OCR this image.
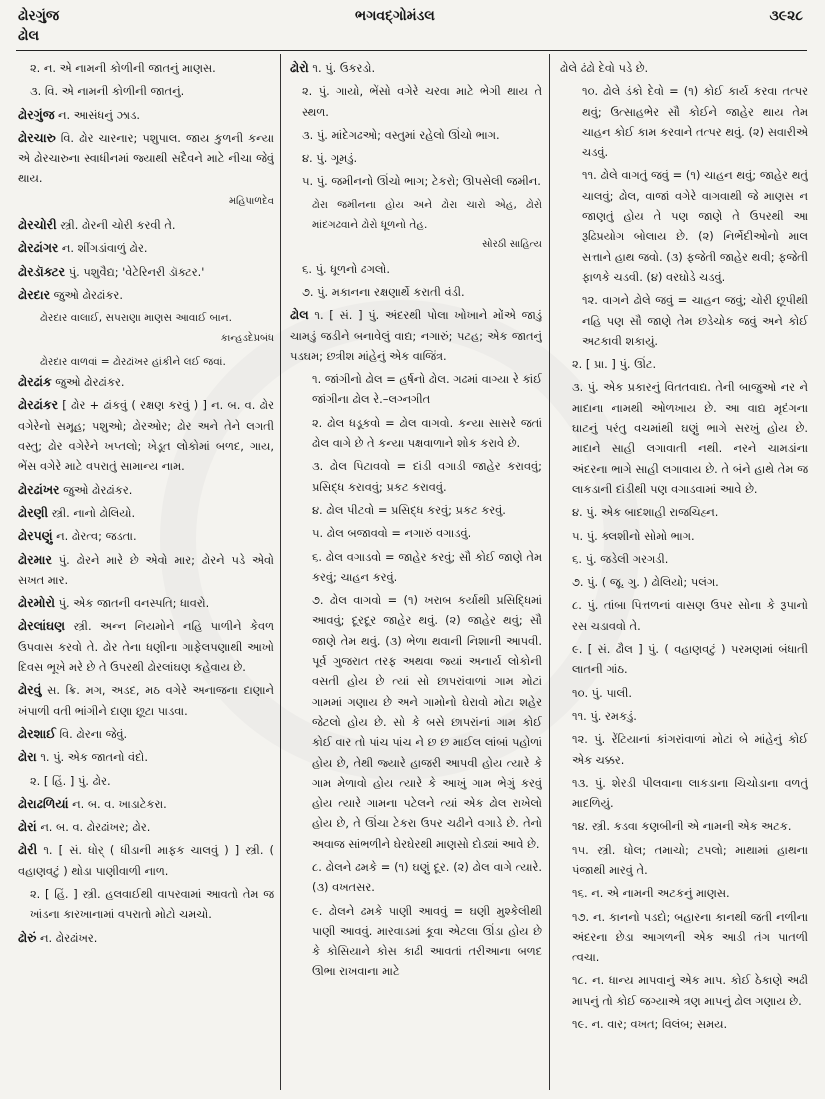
ઢોરગુંજ
ઢોલ
ભગવદ્ગોમંડલ	૩૯૨૮

૨. ન. એ નામની કોળીની જાતનું માણસ.

૩. વિ. એ નામની કોળીની જાતનું.

ઢોરગુંજ ન. આસંધનું ઝાડ.

ઢોરચારુ વિ. ઢોર ચારનાર; પશુપાલ. જાય કુળની કન્યા એ ઢોરચારુના સ્વાધીનમાં જ્યાથી સદૈવને માટે નીચા જેવું થાય.

મહિપાળદેવ

ઢોરચોરી સ્ત્રી. ઢોરની ચોરી કરવી તે.

ઢોરઢાંગર ન. શીંગડાંવાળું ઢોર.

ઢોરડૉક્ટર પું. પશુવૈદ્ય; 'વેટેરિનરી ડૉક્ટર.'

ઢોરદાર જુઓ ઢોરઢાંકર.

ઢોરદાર વાલાઈ, સપરાણા માણસ આવાઈ બાન.

કાન્હડદેપ્રબંધ

ઢોરદાર વાળવાં = ઢોરઢાંખર હાંકીને લઈ જવાં.

ઢોરઢાંક જુઓ ઢોરઢાંકર.

ઢોરઢાંકર [ ઢોર + ઢાંકવું ( રક્ષણ કરવું ) ] ન. બ. વ. ઢોર વગેરેનો સમૂહ; પશુઓ; ઢોરઓર; ઢોર અને તેને લગતી વસ્તુ; ઢોર વગેરેને ખપ્તલો; ખેડૂત લોકોમાં બળદ, ગાય, ભેંસ વગેરે માટે વપરાતું સામાન્ય નામ.

ઢોરઢાંખર જુઓ ઢોરઢાંકર.

ઢોરણી સ્ત્રી. નાનો ઢોલિયો.

ઢોરપણું ન. ઢોરત્વ; જડતા.

ઢોરમાર પું. ઢોરને મારે છે એવો માર; ઢોરને પડે એવો સખત માર.

ઢોરમોરો પું. એક જાતની વનસ્પતિ; ધાવરો.

ઢોરલાંઘણ સ્ત્રી. અન્ન નિયમોને નહિ પાળીને કેવળ ઉપવાસ કરવો તે. ઢોર તેના ધણીના ગાફેલપણાથી આખો દિવસ ભૂખે મરે છે તે ઉપરથી ઢોરલાંઘણ કહેવાય છે.

ઢોરવું સ. ક્રિ. મગ, અડદ, મઠ વગેરે અનાજના દાણાને ખંપાળી વતી ભાંગીને દાણા છૂટા પાડવા.

ઢોરશાઈ વિ. ઢોરના જેવું.

ઢોરા ૧. પું. એક જાતનો વંદો.

૨. [ હિં. ] પું. ઢોર.

ઢોરાઢળિયાં ન. બ. વ. ખાડાટેકરા.

ઢોરાં ન. બ. વ. ઢોરઢાંખર; ઢોર.

ઢોરી ૧. [ સં. ધોર્ ( ધીડાની માફક ચાલવું ) ] સ્ત્રી. ( વહાણવટું ) થોડા પાણીવાળી નાળ.

૨. [ હિં. ] સ્ત્રી. હલવાઈથી વાપરવામાં આવતો તેમ જ ખાંડના કારખાનામાં વપરાતો મોટો ચમચો.

ઢોરું ન. ઢોરઢાંખર.

ઢોરો ૧. પું. ઉકરડો.

૨. પું. ગાયો, ભેંસો વગેરે ચરવા માટે ભેગી થાય તે સ્થળ.

૩. પું. માંદેગઢઓ; વસ્તુમાં રહેલો ઊંચો ભાગ.

૪. પું. ગૂમડું.

૫. પું. જમીનનો ઊંચો ભાગ; ટેકરો; ઊપસેલી જમીન.

ઢોરા જમીનના હોય અને ઢોરા ચારો એહ, ઢોરો માંદગઢવાને ઢોરો ધૂળનો તેહ.

સોરઠી સાહિત્ય

૬. પું. ધૂળનો ઢગલો.

૭. પું. મકાનના રક્ષણાર્થે કરાતી વંડી.

ઢોલ ૧. [ સં. ] પું. અંદરથી પોલા ખોખાને મોંએ જાડું ચામડું જડીને બનાવેલું વાદ્ય; નગારું; પટહ; એક જાતનું પડઘમ; છત્રીશ માંહેનું એક વાજિંત્ર.

૧. જાંગીનો ઢોલ = હર્ષનો ઢોલ. ગઢમાં વાગ્યા રે કાંઈ જાંગીના ઢોલ રે.–લગ્નગીત

૨. ઢોલ ધડૂકવો = ઢોલ વાગવો. કન્યા સાસરે જતાં ઢોલ વાગે છે તે કન્યા પક્ષવાળાને શોક કરાવે છે.

૩. ઢોલ પિટાવવો = દાંડી વગાડી જાહેર કરાવવું; પ્રસિદ્ધ કરાવવું; પ્રકટ કરાવવું.

૪. ઢોલ પીટવો = પ્રસિદ્ધ કરવું; પ્રકટ કરવું.

૫. ઢોલ બજાવવો = નગારું વગાડવું.

૬. ઢોલ વગાડવો = જાહેર કરવું; સૌ કોઈ જાણે તેમ કરવું; ચાહન કરવું.

૭. ઢોલ વાગવો = (૧) ખરાબ કર્યાથી પ્રસિદ્ધિમાં આવવું; દૂરદૂર જાહેર થવું. (૨) જાહેર થવું; સૌ જાણે તેમ થવું. (૩) ભેળા થવાની નિશાની આપવી. પૂર્વ ગુજરાત તરફ અથવા જ્યાં અનાર્ય લોકોની વસતી હોય છે ત્યાં સો છાપરાંવાળાં ગામ મોટાં ગામમાં ગણાય છે અને ગામોનો ઘેરાવો મોટા શહેર જેટલો હોય છે. સો કે બસે છાપરાંનાં ગામ કોઈ કોઈ વાર તો પાંચ પાંચ ને છ છ માઈલ લાંબાં પહોળાં હોય છે, તેથી જ્યારે હાજરી આપવી હોય ત્યારે કે ગામ મેળાવો હોય ત્યારે કે આખું ગામ ભેગું કરવું હોય ત્યારે ગામના પટેલને ત્યાં એક ઢોલ રાખેલો હોય છે, તે ઊંચા ટેકરા ઉપર ચઢીને વગાડે છે. તેનો અવાજ સાંભળીને ઘેરઘેરથી માણસો દોડ્યાં આવે છે.

૮. ઢોલને ઢમકે = (૧) ઘણું દૂર. (૨) ઢોલ વાગે ત્યારે. (૩) વખતસર.

૯. ઢોલને ઢમકે પાણી આવવું = ઘણી મુશ્કેલીથી પાણી આવવું. મારવાડમાં કૂવા એટલા ઊંડા હોય છે કે કોસિયાને કોસ કાઢી આવતાં તરીઆના બળદ ઊભા રાખવાના માટે

ઢોલે ઢંઢો દેવો પડે છે.

૧૦. ઢોલે ડંકો દેવો = (૧) કોઈ કાર્ય કરવા તત્પર થવું; ઉત્સાહભેર સૌ કોઈને જાહેર થાય તેમ ચાહન કોઈ કામ કરવાને તત્પર થવું. (૨) સવારીએ ચડવું.

૧૧. ઢોલે વાગતું જવું = (૧) ચાહન થવું; જાહેર થતું ચાલવું; ઢોલ, વાજાં વગેરે વાગવાથી જે માણસ ન જાણતું હોય તે પણ જાણે તે ઉપરથી આ રૂઢિપ્રયોગ બોલાય છે. (૨) નિર્ભેદીઓનો માલ સત્તાને હાથ જવો. (૩) ફજેતી જાહેર થવી; ફજેતી ફાળકે ચડવી. (૪) વરઘોડે ચડવું.

૧૨. વાગને ઢોલે જવું = ચાહન જવું; ચોરી છૂપીથી નહિ પણ સૌ જાણે તેમ છડેચોક જવું અને કોઈ અટકાવી શકાયું.

૨. [ પ્રા. ] પું. ઊંટ.

૩. પું. એક પ્રકારનું વિતતવાદ્ય. તેની બાજુઓ નર ને માદાના નામથી ઓળખાય છે. આ વાદ્ય મૃદંગના ઘાટનું પરંતુ વચમાંથી ઘણું ભાગે સરખું હોય છે. માદાને સાહી લગાવાતી નથી. નરને ચામડાંના અંદરના ભાગે સાહી લગાવાય છે. તે બંને હાથે તેમ જ લાકડાની દાંડીથી પણ વગાડવામાં આવે છે.

૪. પું. એક બાદશાહી રાજચિહ્ન.

૫. પું. ક્લશીનો સોમો ભાગ.

૬. પું. જડેલી ગરગડી.

૭. પું. ( જૂ. ગુ. ) ઢોલિયો; પલંગ.

૮. પું. તાંબા પિત્તળનાં વાસણ ઉપર સોના કે રૂપાનો રસ ચડાવવો તે.

૯. [ સં. ઢૌલ ] પું. ( વહાણવટું ) પરમણમાં બંધાતી લાતની ગાંઠ.

૧૦. પું. પાલી.

૧૧. પું. રમકડું.

૧૨. પું. રેંટિયાનાં કાંગરાંવાળાં મોટાં બે માંહેનું કોઈ એક ચક્કર.

૧૩. પું. શેરડી પીલવાના લાકડાના ચિચોડાના વળતું માદળિયું.

૧૪. સ્ત્રી. કડવા કણબીની એ નામની એક અટક.

૧૫. સ્ત્રી. ધોલ; તમાચો; ટપલો; માથામાં હાથના પંજાથી મારવું તે.

૧૬. ન. એ નામની અટકનું માણસ.

૧૭. ન. કાનનો પડદો; બહારના કાનથી જતી નળીના અંદરના છેડા આગળની એક આડી તંગ પાતળી ત્વચા.

૧૮. ન. ધાન્ય માપવાનું એક માપ. કોઈ ઠેકાણે અઢી માપનું તો કોઈ જગ્યાએ ત્રણ માપનું ઢોલ ગણાય છે.

૧૯. ન. વાર; વખત; વિલંબ; સમય.
